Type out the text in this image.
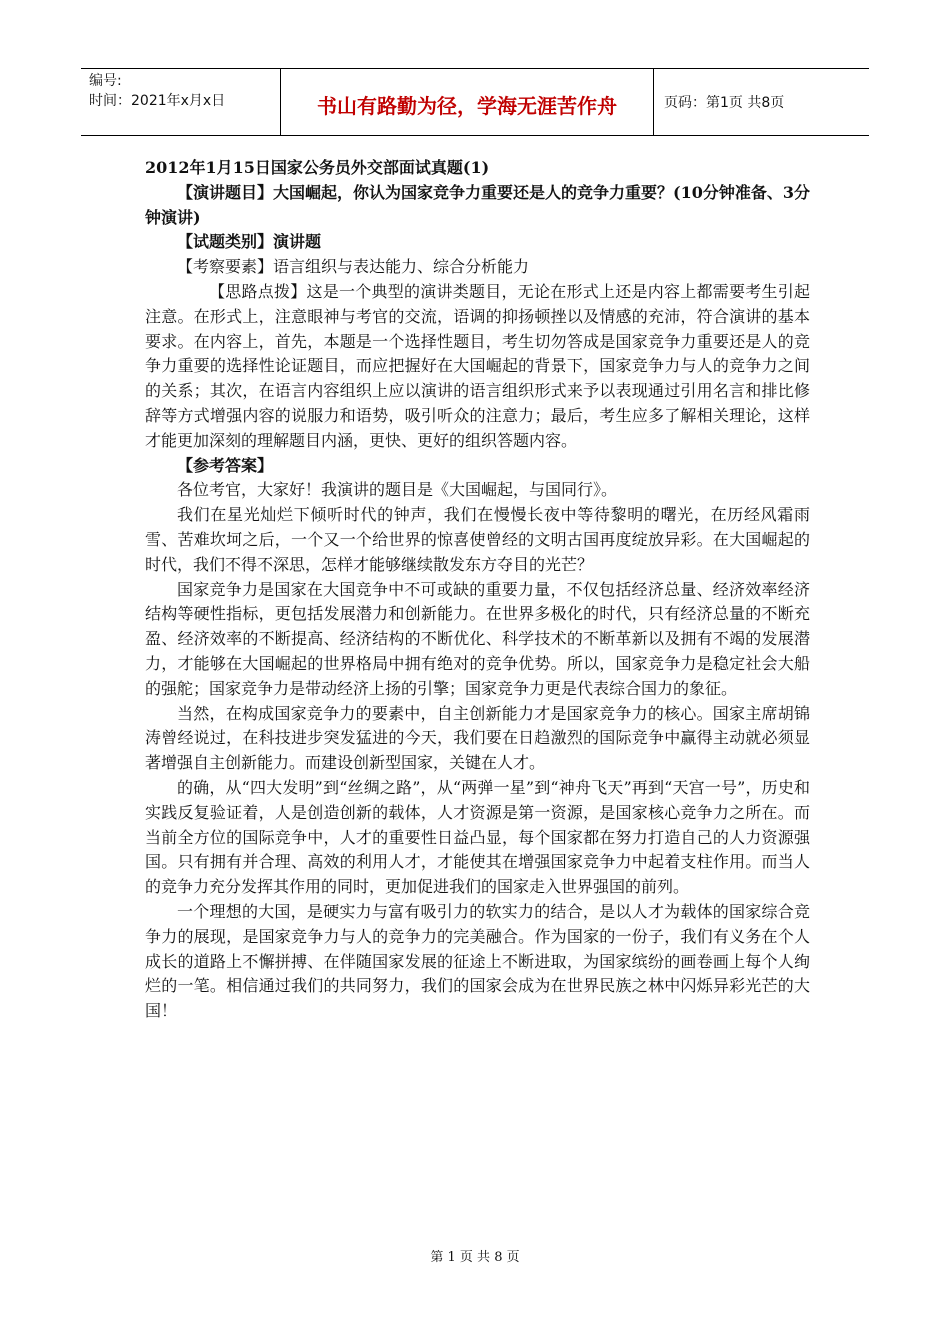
编号:
时间：2021年x月x日	书山有路勤为径，学海无涯苦作舟	页码：第1页 共8页

2012年1月15日国家公务员外交部面试真题(1)

【演讲题目】大国崛起，你认为国家竞争力重要还是人的竞争力重要？(10分钟准备、3分钟演讲)

【试题类别】演讲题

【考察要素】语言组织与表达能力、综合分析能力

【思路点拨】这是一个典型的演讲类题目，无论在形式上还是内容上都需要考生引起注意。在形式上，注意眼神与考官的交流，语调的抑扬顿挫以及情感的充沛，符合演讲的基本要求。在内容上，首先，本题是一个选择性题目，考生切勿答成是国家竞争力重要还是人的竞争力重要的选择性论证题目，而应把握好在大国崛起的背景下，国家竞争力与人的竞争力之间的关系；其次，在语言内容组织上应以演讲的语言组织形式来予以表现通过引用名言和排比修辞等方式增强内容的说服力和语势，吸引听众的注意力；最后，考生应多了解相关理论，这样才能更加深刻的理解题目内涵，更快、更好的组织答题内容。

【参考答案】

各位考官，大家好！我演讲的题目是《大国崛起，与国同行》。

我们在星光灿烂下倾听时代的钟声，我们在慢慢长夜中等待黎明的曙光，在历经风霜雨雪、苦难坎坷之后，一个又一个给世界的惊喜使曾经的文明古国再度绽放异彩。在大国崛起的时代，我们不得不深思，怎样才能够继续散发东方夺目的光芒？

国家竞争力是国家在大国竞争中不可或缺的重要力量，不仅包括经济总量、经济效率经济结构等硬性指标，更包括发展潜力和创新能力。在世界多极化的时代，只有经济总量的不断充盈、经济效率的不断提高、经济结构的不断优化、科学技术的不断革新以及拥有不竭的发展潜力，才能够在大国崛起的世界格局中拥有绝对的竞争优势。所以，国家竞争力是稳定社会大船的强舵；国家竞争力是带动经济上扬的引擎；国家竞争力更是代表综合国力的象征。

当然，在构成国家竞争力的要素中，自主创新能力才是国家竞争力的核心。国家主席胡锦涛曾经说过，在科技进步突发猛进的今天，我们要在日趋激烈的国际竞争中赢得主动就必须显著增强自主创新能力。而建设创新型国家，关键在人才。

的确，从“四大发明”到“丝绸之路”，从“两弹一星”到“神舟飞天”再到“天宫一号”，历史和实践反复验证着，人是创造创新的载体，人才资源是第一资源，是国家核心竞争力之所在。而当前全方位的国际竞争中，人才的重要性日益凸显，每个国家都在努力打造自己的人力资源强国。只有拥有并合理、高效的利用人才，才能使其在增强国家竞争力中起着支柱作用。而当人的竞争力充分发挥其作用的同时，更加促进我们的国家走入世界强国的前列。

一个理想的大国，是硬实力与富有吸引力的软实力的结合，是以人才为载体的国家综合竞争力的展现，是国家竞争力与人的竞争力的完美融合。作为国家的一份子，我们有义务在个人成长的道路上不懈拼搏、在伴随国家发展的征途上不断进取，为国家缤纷的画卷画上每个人绚烂的一笔。相信通过我们的共同努力，我们的国家会成为在世界民族之林中闪烁异彩光芒的大国！

第 1 页 共 8 页
